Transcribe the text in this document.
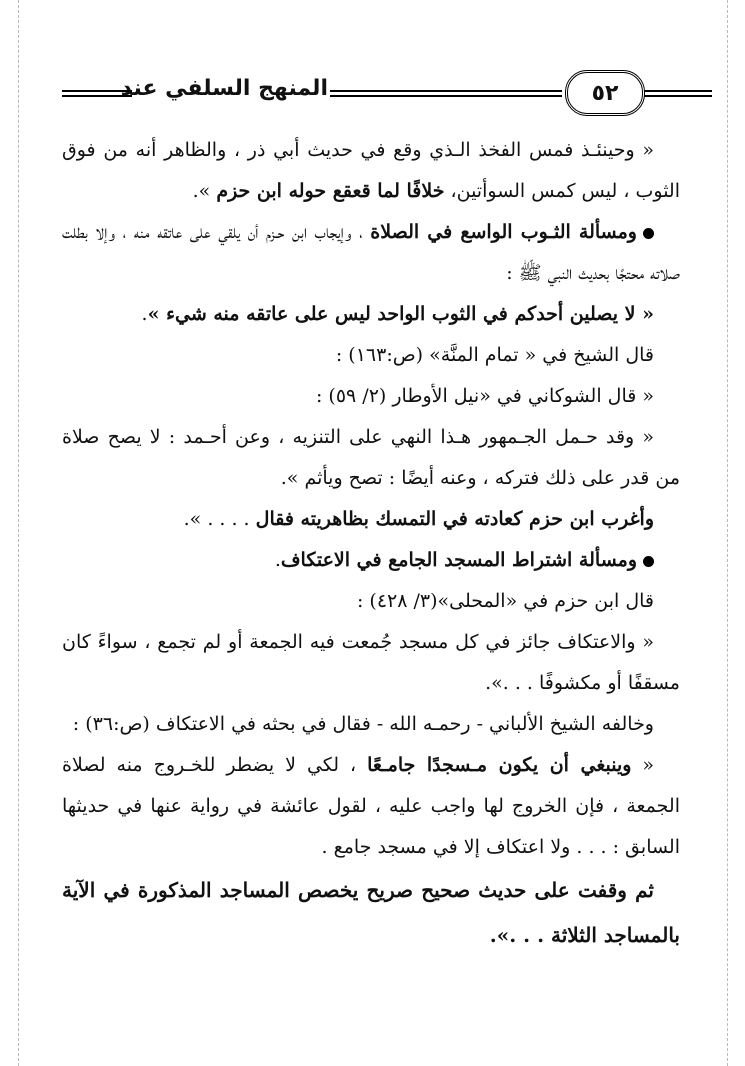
٥٢
المنهج السلفي عند

« وحينئـذ فمس الفخذ الـذي وقع في حديث أبي ذر ، والظاهر أنه من فوق الثوب ، ليس كمس السوأتين، خلافًا لما قعقع حوله ابن حزم ».

ومسألة الثـوب الواسع في الصلاة ، وإيجاب ابن حـزم أن يلقي على عاتقه منه ، وإلا بطلت صلاته محتجًا بحديث النبي ﷺ :

« لا يصلين أحدكم في الثوب الواحد ليس على عاتقه منه شيء ».

قال الشيخ في « تمام المنَّة» (ص:١٦٣) :

« قال الشوكاني في «نيل الأوطار (٢/ ٥٩) :

« وقد حـمل الجـمهور هـذا النهي على التنزيه ، وعن أحـمد : لا يصح صلاة من قدر على ذلك فتركه ، وعنه أيضًا : تصح ويأثم ».

وأغرب ابن حزم كعادته في التمسك بظاهريته فقال . . . . ».

ومسألة اشتراط المسجد الجامع في الاعتكاف.

قال ابن حزم في «المحلى»(٣/ ٤٢٨) :

« والاعتكاف جائز في كل مسجد جُمعت فيه الجمعة أو لم تجمع ، سواءً كان مسقفًا أو مكشوفًا . . .».

وخالفه الشيخ الألباني - رحمـه الله - فقال في بحثه في الاعتكاف (ص:٣٦) :

« وينبغي أن يكون مـسجدًا جامـعًا ، لكي لا يضطر للخـروج منه لصلاة الجمعة ، فإن الخروج لها واجب عليه ، لقول عائشة في رواية عنها في حديثها السابق : . . . ولا اعتكاف إلا في مسجد جامع .

ثم وقفت على حديث صحيح صريح يخصص المساجد المذكورة في الآية بالمساجد الثلاثة . . .».
